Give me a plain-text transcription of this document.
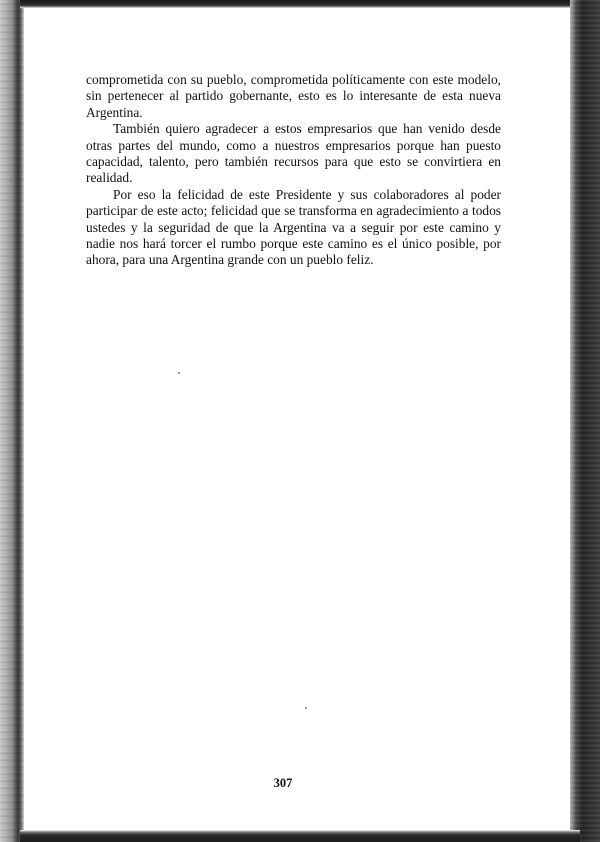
comprometida con su pueblo, comprometida políticamente con este modelo, sin pertenecer al partido gobernante, esto es lo interesante de esta nueva Argentina.

También quiero agradecer a estos empresarios que han venido desde otras partes del mundo, como a nuestros empresarios porque han puesto capacidad, talento, pero también recursos para que esto se convirtiera en realidad.

Por eso la felicidad de este Presidente y sus colaboradores al poder participar de este acto; felicidad que se transforma en agradecimiento a todos ustedes y la seguridad de que la Argentina va a seguir por este camino y nadie nos hará torcer el rumbo porque este camino es el único posible, por ahora, para una Argentina grande con un pueblo feliz.

307
